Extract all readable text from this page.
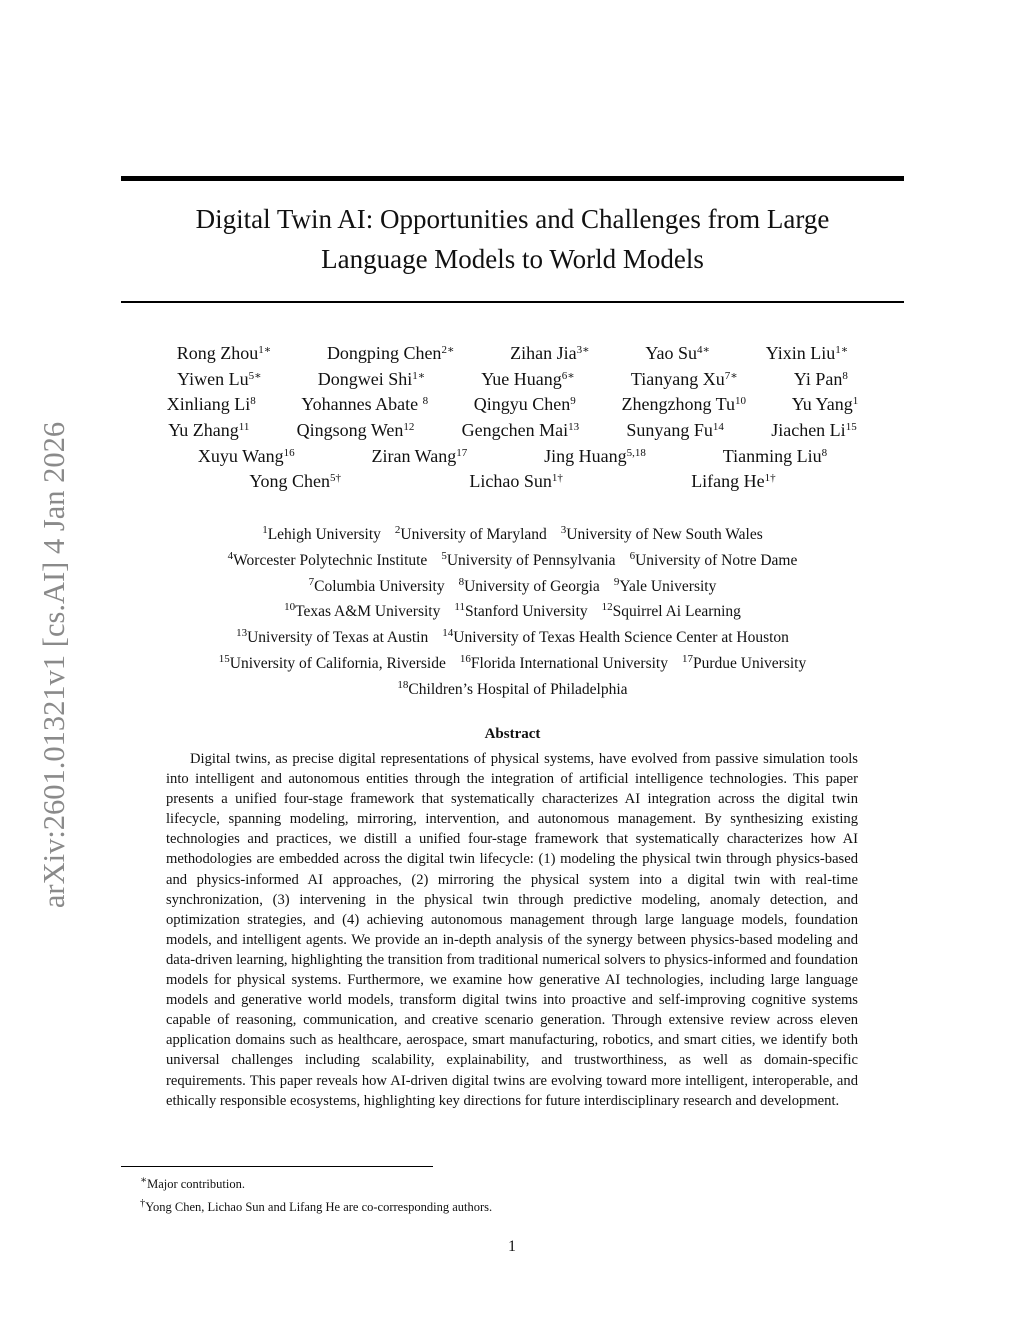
arXiv:2601.01321v1 [cs.AI] 4 Jan 2026
Digital Twin AI: Opportunities and Challenges from Large
Language Models to World Models
Rong Zhou$^{1∗}$	Dongping Chen$^{2∗}$	Zihan Jia$^{3∗}$	Yao $Su^{4∗}$	Yixin Liu$^{1∗}$
Yiwen $Lu^{5∗}$	Dongwei Shi$^{1∗}$	Yue Huang$^{6∗}$	Tianyang $Xu^{7∗}$	Yi Pan$^8$
Xinliang Li$^8$	Yohannes Abate $^8$	Qingyu Chen$^9$	Zhengzhong Tu$^{10}$	Yu Yang$^1$
Yu Zhang$^{11}$	Qingsong Wen$^{12}$	Gengchen Mai$^{13}$	Sunyang Fu$^{14}$	Jiachen Li$^{15}$
Xuyu Wang$^{16}$	Ziran Wang$^{17}$	Jing Huang$^{5,18}$	Tianming Liu$^8$
Yong Chen$^{5\dagger}$	Lichao Sun$^{1\dagger}$	Lifang $He^{1\dagger}$
$^1$Lehigh University $^2$University of Maryland $^3$University of New South Wales
$^4$Worcester Polytechnic Institute $^5$University of Pennsylvania $^6$University of Notre Dame
$^7$Columbia University $^8$University of Georgia $^9$Yale University
$^{10}$Texas A&M University $^{11}$Stanford University $^{12}$Squirrel Ai Learning
$^{13}$University of Texas at Austin $^{14}$University of Texas Health Science Center at Houston
$^{15}$University of California, Riverside $^{16}$Florida International University $^{17}$Purdue University
$^{18}$Children’s Hospital of Philadelphia
Abstract

Digital twins, as precise digital representations of physical systems, have evolved from passive simulation tools into intelligent and autonomous entities through the integration of artificial intelligence technologies. This paper presents a unified four-stage framework that systematically characterizes AI integration across the digital twin lifecycle, spanning modeling, mirroring, intervention, and autonomous management. By synthesizing existing technologies and practices, we distill a unified four-stage framework that systematically characterizes how AI methodologies are embedded across the digital twin lifecycle: (1) modeling the physical twin through physics-based and physics-informed AI approaches, (2) mirroring the physical system into a digital twin with real-time synchronization, (3) intervening in the physical twin through predictive modeling, anomaly detection, and optimization strategies, and (4) achieving autonomous management through large language models, foundation models, and intelligent agents. We provide an in-depth analysis of the synergy between physics-based modeling and data-driven learning, highlighting the transition from traditional numerical solvers to physics-informed and foundation models for physical systems. Furthermore, we examine how generative AI technologies, including large language models and generative world models, transform digital twins into proactive and self-improving cognitive systems capable of reasoning, communication, and creative scenario generation. Through extensive review across eleven application domains such as healthcare, aerospace, smart manufacturing, robotics, and smart cities, we identify both universal challenges including scalability, explainability, and trustworthiness, as well as domain-specific requirements. This paper reveals how AI-driven digital twins are evolving toward more intelligent, interoperable, and ethically responsible ecosystems, highlighting key directions for future interdisciplinary research and development.

∗Major contribution.
†Yong Chen, Lichao Sun and Lifang He are co-corresponding authors.
1
